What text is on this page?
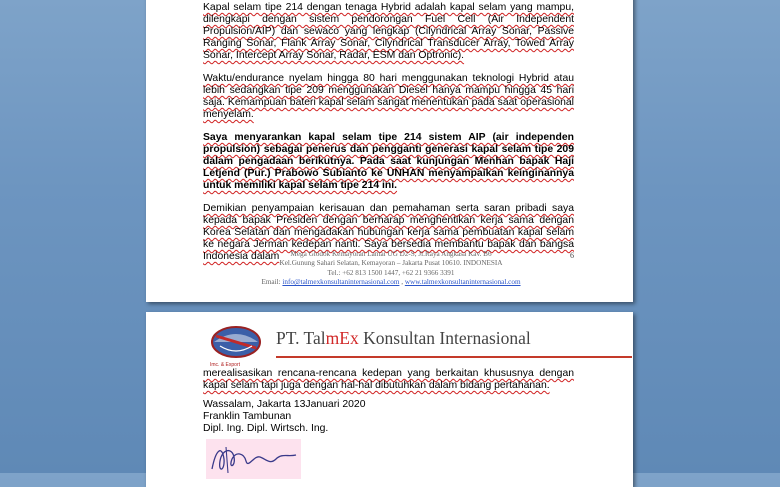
Kapal selam tipe 214 dengan tenaga Hybrid adalah kapal selam yang mampu, dilengkapi dengan sistem pendorongan Fuel Cell (Air Independent Propulsion/AIP) dan sewaco yang lengkap (Cilyndrical Array Sonar, Passive Ranging Sonar, Flank Array Sonar, Cilyndrical Transducer Array, Towed Array Sonar, Intercept Array Sonar, Radar, ESM dan Optronic).

Waktu/endurance nyelam hingga 80 hari menggunakan teknologi Hybrid atau lebih sedangkan tipe 209 menggunakan Diesel hanya mampu hingga 45 hari saja. Kemampuan bateri kapal selam sangat menentukan pada saat operasional menyelam.

Saya menyarankan kapal selam tipe 214 sistem AIP (air independen propulsion) sebagai penerus dan pengganti generasi kapal selam tipe 209 dalam pengadaan berikutnya. Pada saat kunjungan Menhan bapak Haji Letjend (Pur.) Prabowo Subianto ke UNHAN menyampaikan keinginannya untuk memiliki kapal selam tipe 214 ini.

Demikian penyampaian kerisauan dan pemahaman serta saran pribadi saya kepada bapak Presiden dengan berharap menghentikan kerja sama dengan Korea Selatan dan mengadakan hubungan kerja sama pembuatan kapal selam ke negara Jerman kedepan nanti. Saya bersedia membantu bapak dan bangsa Indonesia dalam	Mega Glodok Kemayoran Lantai UG D2-S, Jl.Raya Angkasa Kav. B6
Kel.Gunung Sahari Selatan, Kemayoran – Jakarta Pusat 10610. INDONESIA
Tel.: +62 813 1500 1447, +62 21 9366 3391
Email: info@talmexkonsultaninternasional.com , www.talmexkonsultaninternasional.com
6
PT. TalmEx Konsultan Internasional
Imc. & Export

merealisasikan rencana-rencana kedepan yang berkaitan khususnya dengan kapal selam tapi juga dengan hal-hal dibutuhkan dalam bidang pertahanan.

Wassalam, Jakarta 13Januari 2020
Franklin Tambunan
Dipl. Ing. Dipl. Wirtsch. Ing.
